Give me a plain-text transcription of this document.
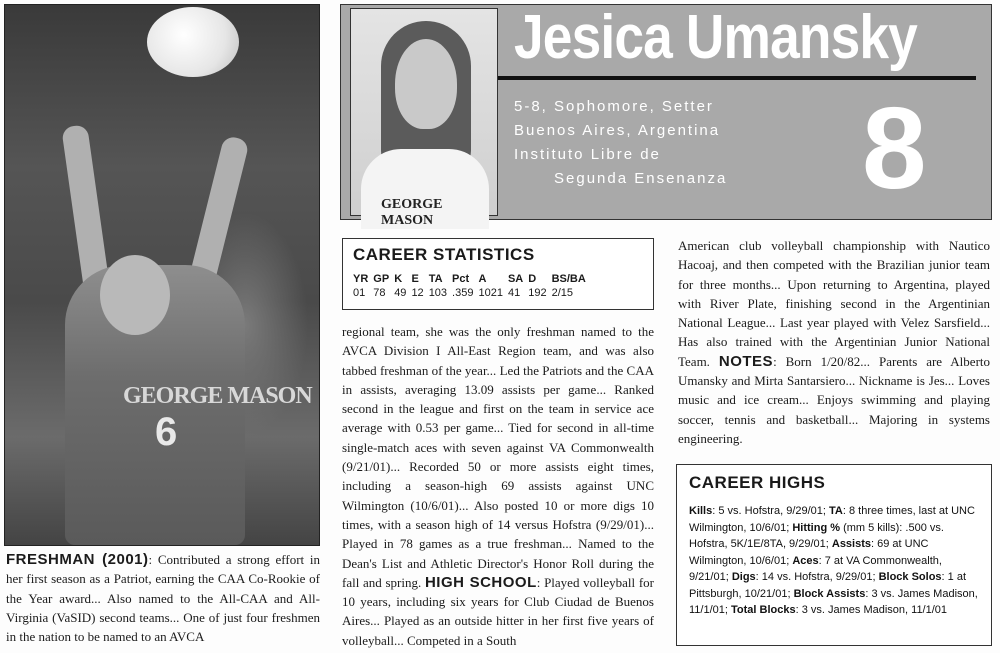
GEORGE MASON
6
GEORGE MASON
Jesica Umansky
5-8, Sophomore, Setter
Buenos Aires, Argentina
Instituto Libre de
Segunda Ensenanza 8
CAREER STATISTICS
YR	GP	K	E	TA	Pct	A	SA	D	BS/BA
01	78	49	12	103	.359	1021	41	192	2/15
FRESHMAN (2001): Contributed a strong effort in her first season as a Patriot, earning the CAA Co-Rookie of the Year award... Also named to the All-CAA and All-Virginia (VaSID) second teams... One of just four freshmen in the nation to be named to an AVCA
regional team, she was the only freshman named to the AVCA Division I All-East Region team, and was also tabbed freshman of the year... Led the Patriots and the CAA in assists, averaging 13.09 assists per game... Ranked second in the league and first on the team in service ace average with 0.53 per game... Tied for second in all-time single-match aces with seven against VA Commonwealth (9/21/01)... Recorded 50 or more assists eight times, including a season-high 69 assists against UNC Wilmington (10/6/01)... Also posted 10 or more digs 10 times, with a season high of 14 versus Hofstra (9/29/01)... Played in 78 games as a true freshman... Named to the Dean's List and Athletic Director's Honor Roll during the fall and spring. HIGH SCHOOL: Played volleyball for 10 years, including six years for Club Ciudad de Buenos Aires... Played as an outside hitter in her first five years of volleyball... Competed in a South
American club volleyball championship with Nautico Hacoaj, and then competed with the Brazilian junior team for three months... Upon returning to Argentina, played with River Plate, finishing second in the Argentinian National League... Last year played with Velez Sarsfield... Has also trained with the Argentinian Junior National Team. NOTES: Born 1/20/82... Parents are Alberto Umansky and Mirta Santarsiero... Nickname is Jes... Loves music and ice cream... Enjoys swimming and playing soccer, tennis and basketball... Majoring in systems engineering.
CAREER HIGHS
Kills: 5 vs. Hofstra, 9/29/01; TA: 8 three times, last at UNC Wilmington, 10/6/01; Hitting % (mm 5 kills): .500 vs. Hofstra, 5K/1E/8TA, 9/29/01; Assists: 69 at UNC Wilmington, 10/6/01; Aces: 7 at VA Commonwealth, 9/21/01; Digs: 14 vs. Hofstra, 9/29/01; Block Solos: 1 at Pittsburgh, 10/21/01; Block Assists: 3 vs. James Madison, 11/1/01; Total Blocks: 3 vs. James Madison, 11/1/01
